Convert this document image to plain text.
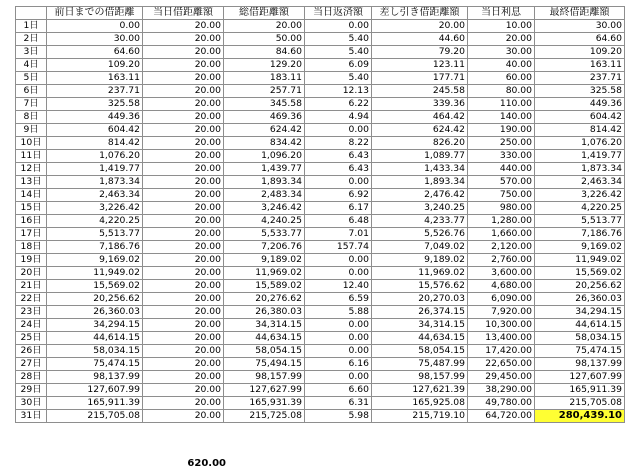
	前日までの借距離	当日借距離額	総借距離額	当日返済額	差し引き借距離額	当日利息	最終借距離額
1日	0.00	20.00	20.00	0.00	20.00	10.00	30.00
2日	30.00	20.00	50.00	5.40	44.60	20.00	64.60
3日	64.60	20.00	84.60	5.40	79.20	30.00	109.20
4日	109.20	20.00	129.20	6.09	123.11	40.00	163.11
5日	163.11	20.00	183.11	5.40	177.71	60.00	237.71
6日	237.71	20.00	257.71	12.13	245.58	80.00	325.58
7日	325.58	20.00	345.58	6.22	339.36	110.00	449.36
8日	449.36	20.00	469.36	4.94	464.42	140.00	604.42
9日	604.42	20.00	624.42	0.00	624.42	190.00	814.42
10日	814.42	20.00	834.42	8.22	826.20	250.00	1,076.20
11日	1,076.20	20.00	1,096.20	6.43	1,089.77	330.00	1,419.77
12日	1,419.77	20.00	1,439.77	6.43	1,433.34	440.00	1,873.34
13日	1,873.34	20.00	1,893.34	0.00	1,893.34	570.00	2,463.34
14日	2,463.34	20.00	2,483.34	6.92	2,476.42	750.00	3,226.42
15日	3,226.42	20.00	3,246.42	6.17	3,240.25	980.00	4,220.25
16日	4,220.25	20.00	4,240.25	6.48	4,233.77	1,280.00	5,513.77
17日	5,513.77	20.00	5,533.77	7.01	5,526.76	1,660.00	7,186.76
18日	7,186.76	20.00	7,206.76	157.74	7,049.02	2,120.00	9,169.02
19日	9,169.02	20.00	9,189.02	0.00	9,189.02	2,760.00	11,949.02
20日	11,949.02	20.00	11,969.02	0.00	11,969.02	3,600.00	15,569.02
21日	15,569.02	20.00	15,589.02	12.40	15,576.62	4,680.00	20,256.62
22日	20,256.62	20.00	20,276.62	6.59	20,270.03	6,090.00	26,360.03
23日	26,360.03	20.00	26,380.03	5.88	26,374.15	7,920.00	34,294.15
24日	34,294.15	20.00	34,314.15	0.00	34,314.15	10,300.00	44,614.15
25日	44,614.15	20.00	44,634.15	0.00	44,634.15	13,400.00	58,034.15
26日	58,034.15	20.00	58,054.15	0.00	58,054.15	17,420.00	75,474.15
27日	75,474.15	20.00	75,494.15	6.16	75,487.99	22,650.00	98,137.99
28日	98,137.99	20.00	98,157.99	0.00	98,157.99	29,450.00	127,607.99
29日	127,607.99	20.00	127,627.99	6.60	127,621.39	38,290.00	165,911.39
30日	165,911.39	20.00	165,931.39	6.31	165,925.08	49,780.00	215,705.08
31日	215,705.08	20.00	215,725.08	5.98	215,719.10	64,720.00	280,439.10
620.00
